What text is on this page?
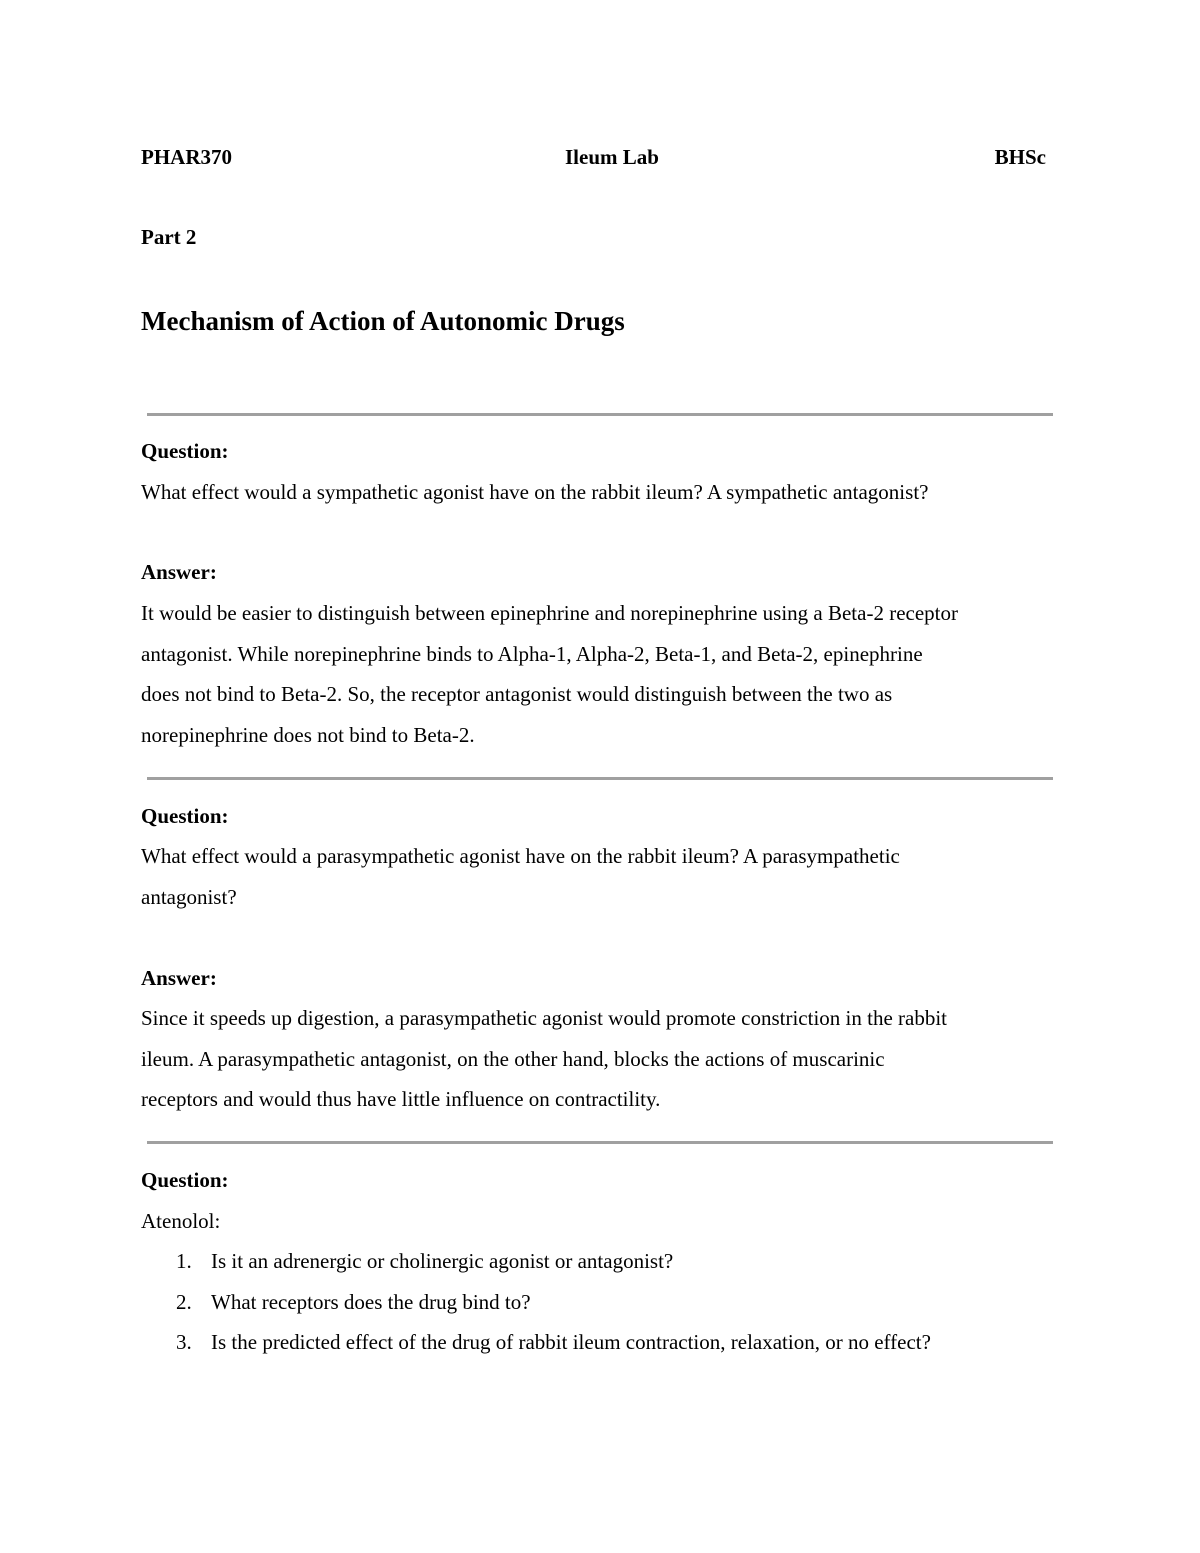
PHAR370	Ileum Lab	BHSc
Part 2
Mechanism of Action of Autonomic Drugs
Question:
What effect would a sympathetic agonist have on the rabbit ileum? A sympathetic antagonist?
Answer:
It would be easier to distinguish between epinephrine and norepinephrine using a Beta-2 receptor
antagonist. While norepinephrine binds to Alpha-1, Alpha-2, Beta-1, and Beta-2, epinephrine
does not bind to Beta-2. So, the receptor antagonist would distinguish between the two as
norepinephrine does not bind to Beta-2.
Question:
What effect would a parasympathetic agonist have on the rabbit ileum? A parasympathetic
antagonist?
Answer:
Since it speeds up digestion, a parasympathetic agonist would promote constriction in the rabbit
ileum. A parasympathetic antagonist, on the other hand, blocks the actions of muscarinic
receptors and would thus have little influence on contractility.
Question:
Atenolol:
1. Is it an adrenergic or cholinergic agonist or antagonist?
2. What receptors does the drug bind to?
3. Is the predicted effect of the drug of rabbit ileum contraction, relaxation, or no effect?
